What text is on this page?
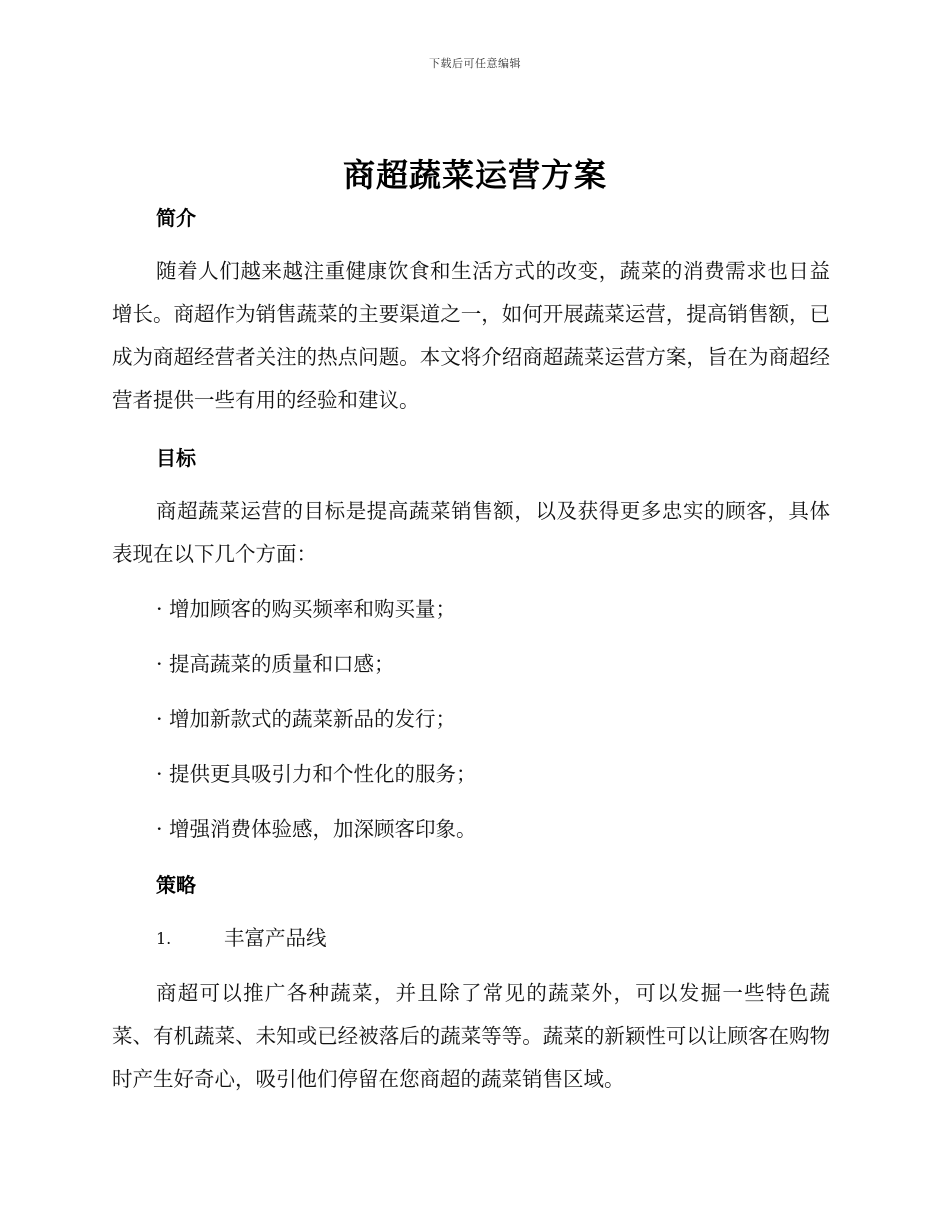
下载后可任意编辑
商超蔬菜运营方案
简介

随着人们越来越注重健康饮食和生活方式的改变，蔬菜的消费需求也日益增长。商超作为销售蔬菜的主要渠道之一，如何开展蔬菜运营，提高销售额，已成为商超经营者关注的热点问题。本文将介绍商超蔬菜运营方案，旨在为商超经营者提供一些有用的经验和建议。

目标

商超蔬菜运营的目标是提高蔬菜销售额，以及获得更多忠实的顾客，具体表现在以下几个方面：

· 增加顾客的购买频率和购买量；
· 提高蔬菜的质量和口感；
· 增加新款式的蔬菜新品的发行；
· 提供更具吸引力和个性化的服务；
· 增强消费体验感，加深顾客印象。
策略
1.	丰富产品线

商超可以推广各种蔬菜，并且除了常见的蔬菜外，可以发掘一些特色蔬菜、有机蔬菜、未知或已经被落后的蔬菜等等。蔬菜的新颖性可以让顾客在购物时产生好奇心，吸引他们停留在您商超的蔬菜销售区域。
